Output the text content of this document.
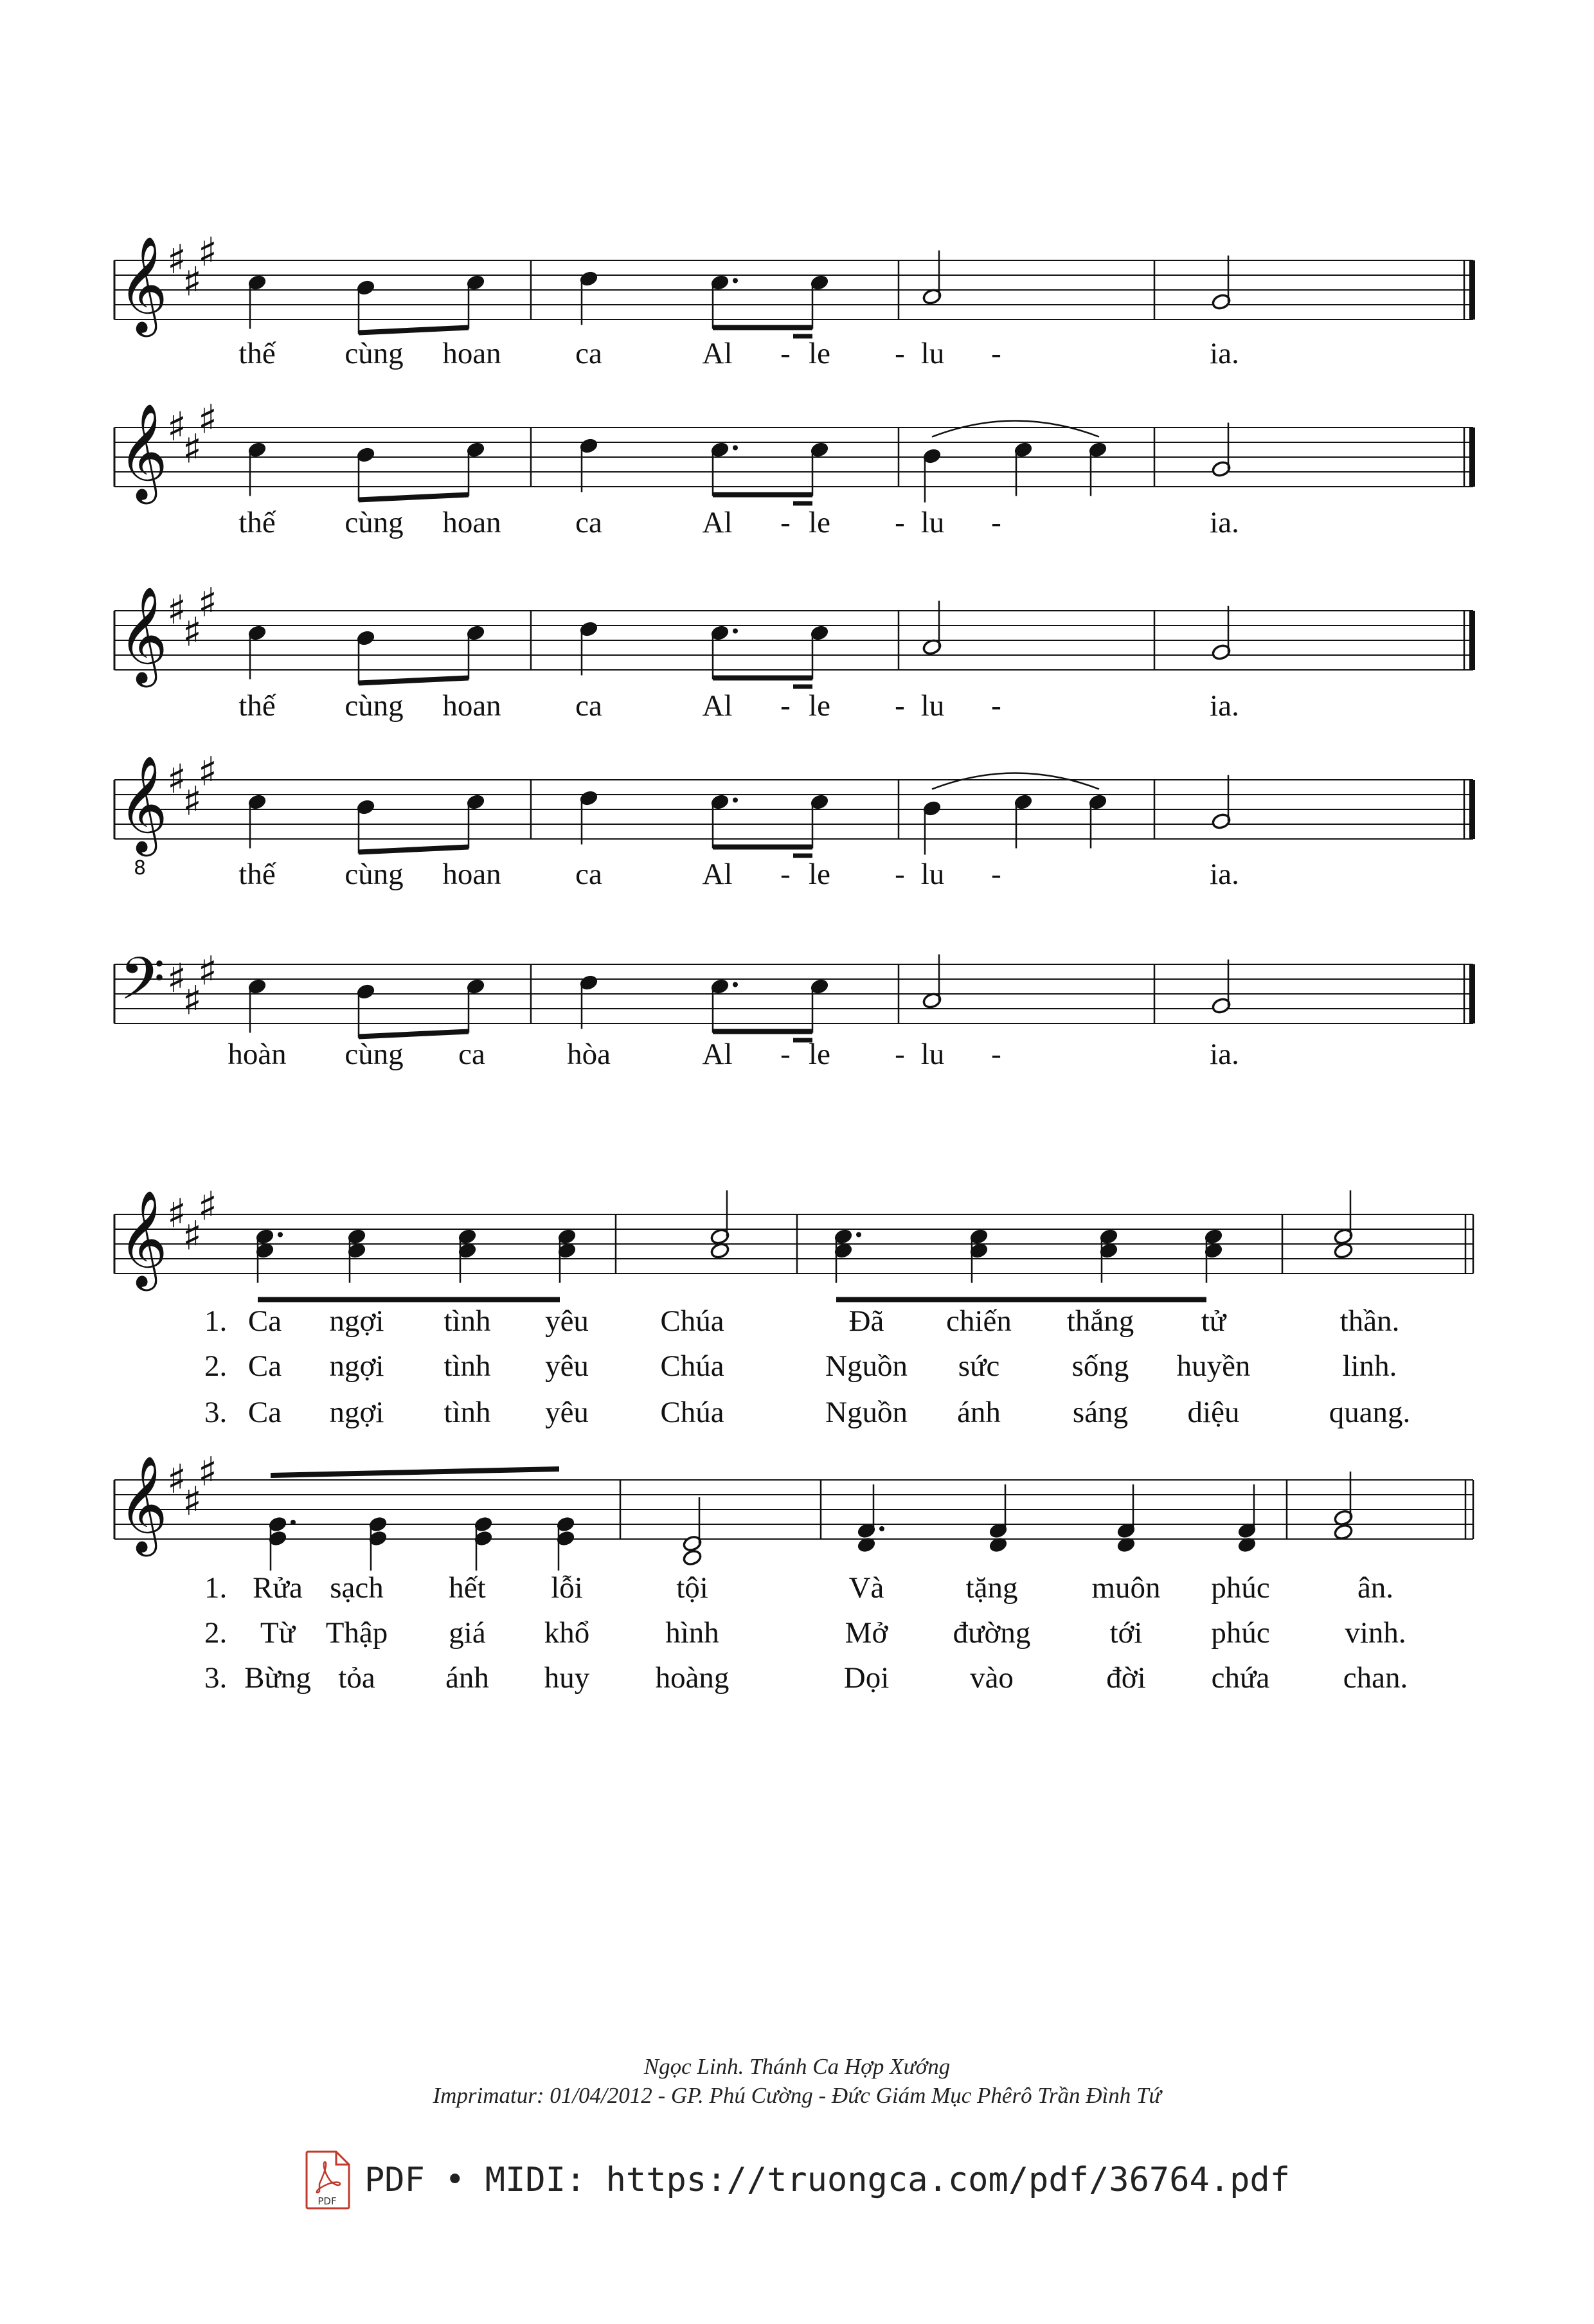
𝄞 ♯
♯
♯
𝄞 ♯
♯
♯
𝄞 ♯
♯
♯
𝄞
8
♯
♯
♯
𝄢 ♯
♯
♯
𝄞 ♯
♯
♯
𝄞 ♯
♯
♯
thế cùng hoan ca	Al - le - lu -	ia.
thế cùng hoan ca	Al - le - lu -	ia.
thế cùng hoan ca	Al - le - lu -	ia.
thế cùng hoan ca	Al - le - lu -	ia.
hoàn cùng ca	hòa	Al - le - lu -	ia.
1. Ca ngợi tình yêu Chúa	Đã chiến thắng tử	thần.
2. Ca ngợi tình yêu Chúa	Nguồn sức sống huyền	linh.
3. Ca ngợi tình yêu Chúa	Nguồn ánh sáng diệu	quang.
1. Rửa sạch hết lỗi	tội	Và	tặng muôn phúc	ân.
2. Từ Thập giá khổ	hình	Mở đường	tới phúc vinh.
3. Bừng tỏa ánh huy hoàng	Dọi	vào	đời chứa chan.
Ngọc Linh. Thánh Ca Hợp Xướng
Imprimatur: 01/04/2012 - GP. Phú Cường - Đức Giám Mục Phêrô Trần Đình Tứ
PDF
PDF • MIDI: https://truongca.com/pdf/36764.pdf
